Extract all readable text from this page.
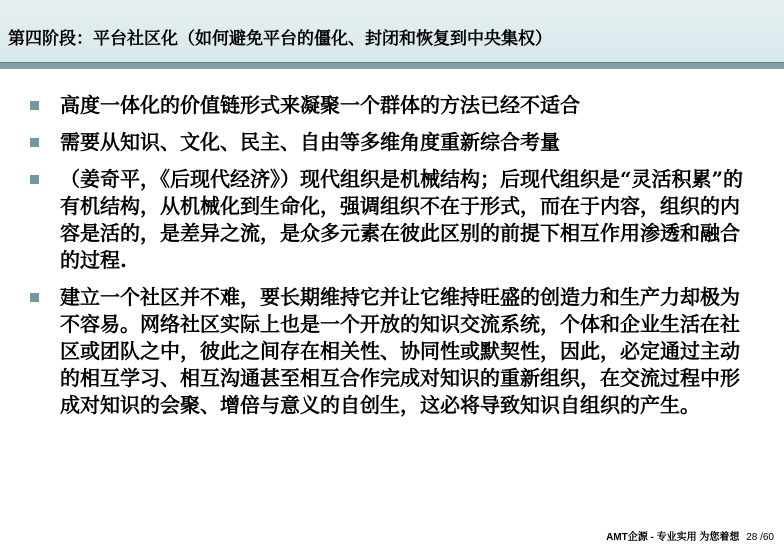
第四阶段：平台社区化（如何避免平台的僵化、封闭和恢复到中央集权）
高度一体化的价值链形式来凝聚一个群体的方法已经不适合
需要从知识、文化、民主、自由等多维角度重新综合考量
（姜奇平，《后现代经济》）现代组织是机械结构；后现代组织是“灵活积累”的有机结构，从机械化到生命化，强调组织不在于形式，而在于内容，组织的内容是活的，是差异之流，是众多元素在彼此区别的前提下相互作用渗透和融合的过程.
建立一个社区并不难，要长期维持它并让它维持旺盛的创造力和生产力却极为不容易。网络社区实际上也是一个开放的知识交流系统，个体和企业生活在社区或团队之中，彼此之间存在相关性、协同性或默契性，因此，必定通过主动的相互学习、相互沟通甚至相互合作完成对知识的重新组织，在交流过程中形成对知识的会聚、增倍与意义的自创生，这必将导致知识自组织的产生。
AMT企源 - 专业实用 为您着想 28 /60
